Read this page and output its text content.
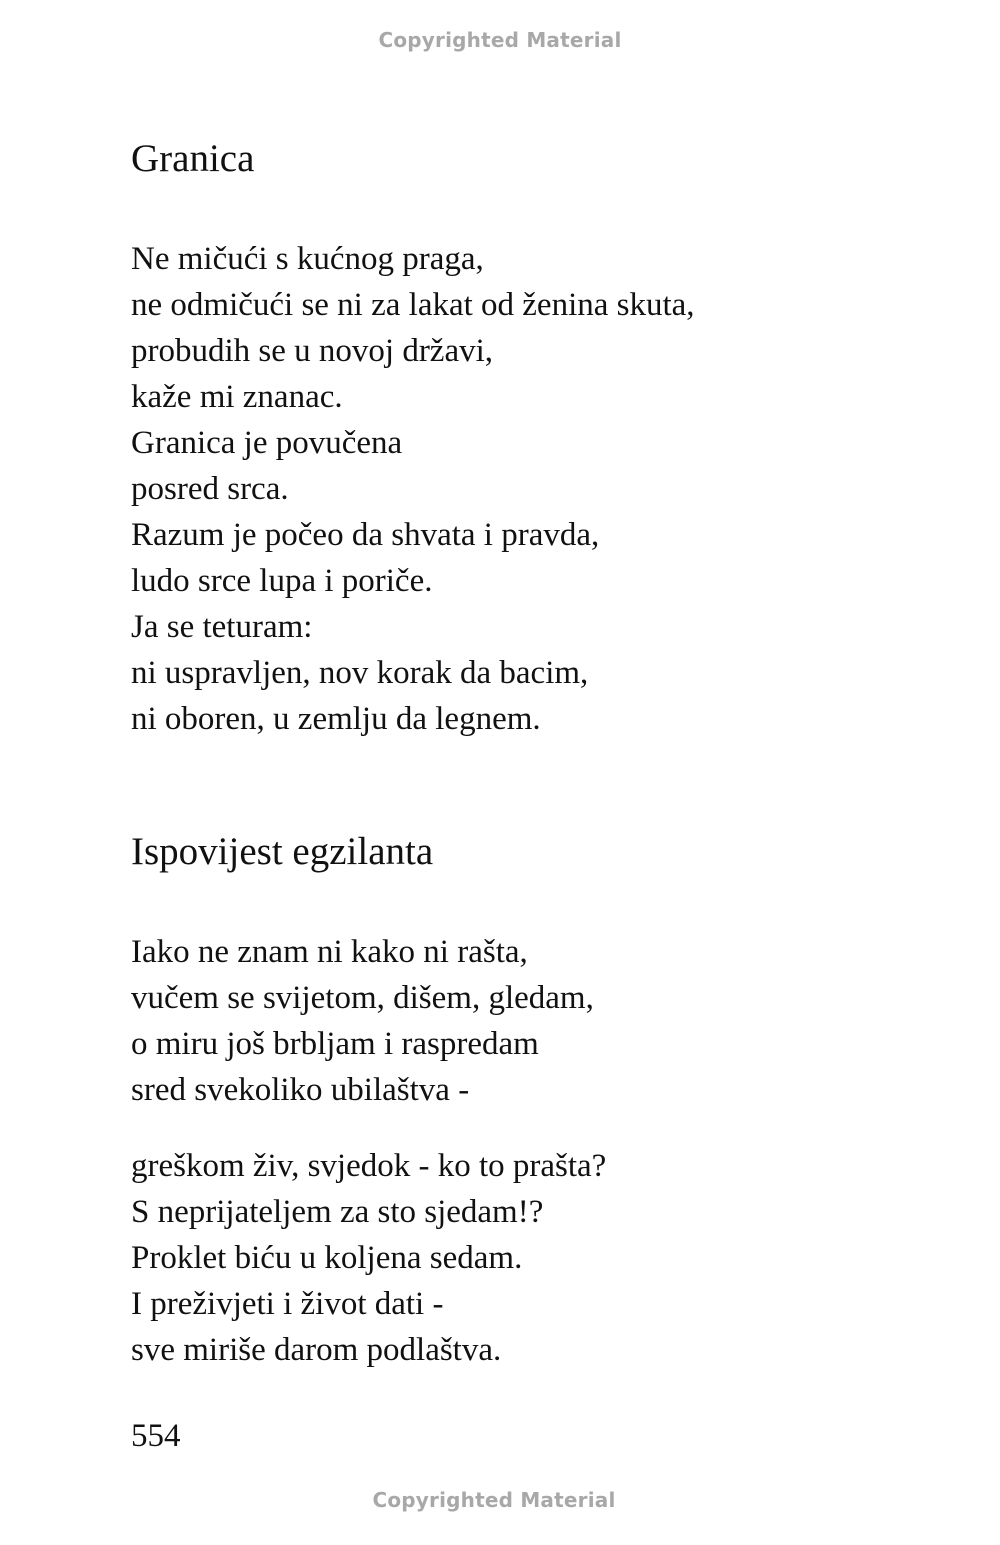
Copyrighted Material
Granica
Ne mičući s kućnog praga,
ne odmičući se ni za lakat od ženina skuta,
probudih se u novoj državi,
kaže mi znanac.
Granica je povučena
posred srca.
Razum je počeo da shvata i pravda,
ludo srce lupa i poriče.
Ja se teturam:
ni uspravljen, nov korak da bacim,
ni oboren, u zemlju da legnem.
Ispovijest egzilanta
Iako ne znam ni kako ni rašta,
vučem se svijetom, dišem, gledam,
o miru još brbljam i raspredam
sred svekoliko ubilaštva -
greškom živ, svjedok - ko to prašta?
S neprijateljem za sto sjedam!?
Proklet biću u koljena sedam.
I preživjeti i život dati -
sve miriše darom podlaštva.
554
Copyrighted Material
